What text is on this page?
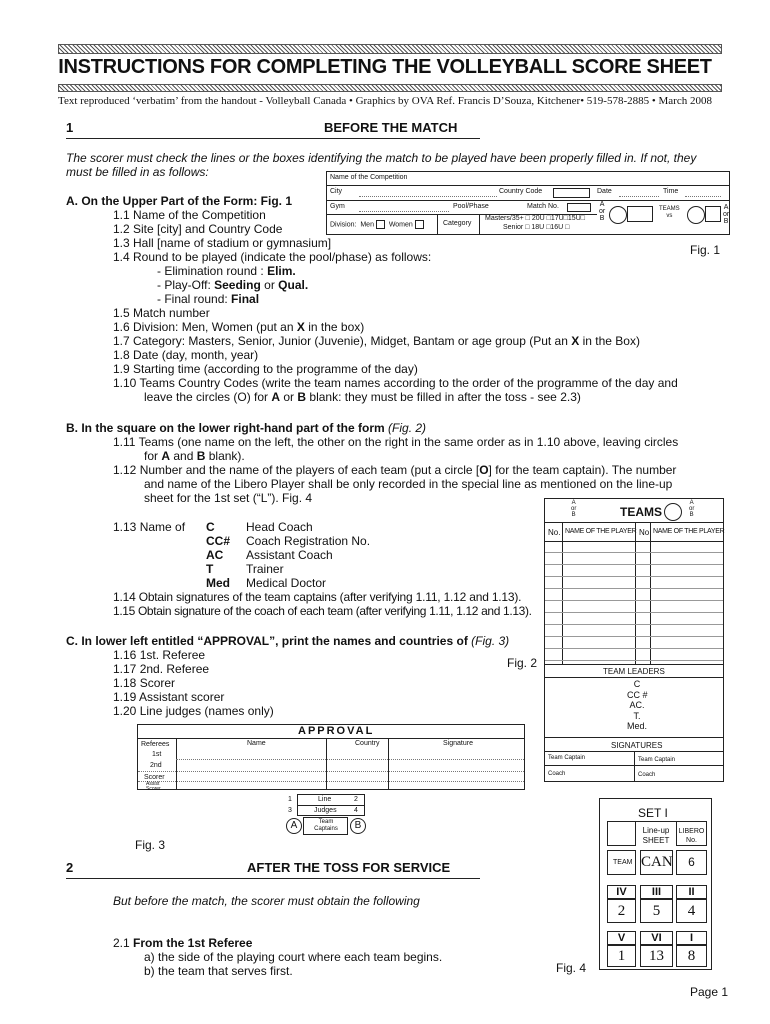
INSTRUCTIONS FOR COMPLETING THE VOLLEYBALL SCORE SHEET
Text reproduced ‘verbatim’ from the handout - Volleyball Canada • Graphics by OVA Ref. Francis D’Souza, Kitchener• 519-578-2885 • March 2008
1	BEFORE THE MATCH
The scorer must check the lines or the boxes identifying the match to be played have been properly filled in. If not, they
must be filled in as follows:
A. On the Upper Part of the Form: Fig. 1
1.1 Name of the Competition
1.2 Site [city] and Country Code
1.3 Hall [name of stadium or gymnasium]
1.4 Round to be played (indicate the pool/phase) as follows:
- Elimination round : Elim.
- Play-Off: Seeding or Qual.
- Final round: Final
1.5 Match number
1.6 Division: Men, Women (put an X in the box)
1.7 Category: Masters, Senior, Junior (Juvenie), Midget, Bantam or age group (Put an X in the Box)
1.8 Date (day, month, year)
1.9 Starting time (according to the programme of the day)
1.10 Teams Country Codes (write the team names according to the order of the programme of the day and
leave the circles (O) for A or B blank: they must be filled in after the toss - see 2.3)
Name of the Competition
City	Country Code	Date	Time
Gym	Pool/Phase	Match No.	A
or
B
TEAMS
vs
A
or
B
Division: Men Women	Category
Masters/35+ □ 20U □17U□15U□
Senior □ 18U □16U □
Fig. 1
B. In the square on the lower right-hand part of the form (Fig. 2)
1.11 Teams (one name on the left, the other on the right in the same order as in 1.10 above, leaving circles
for A and B blank).
1.12 Number and the name of the players of each team (put a circle [O] for the team captain). The number
and name of the Libero Player shall be only recorded in the special line as mentioned on the line-up
sheet for the 1st set (“L”). Fig. 4
1.13 Name of C	Head Coach
CC# Coach Registration No.
AC Assistant Coach
T	Trainer
Med Medical Doctor
1.14 Obtain signatures of the team captains (after verifying 1.11, 1.12 and 1.13).
1.15 Obtain signature of the coach of each team (after verifying 1.11, 1.12 and 1.13).
A
or
B	TEAMS
A
or
B
No. NAME OF THE PLAYER No. NAME OF THE PLAYER
TEAM LEADERS
C
CC #
AC.
T.
Med.
SIGNATURES
Team Captain	Team Captain
Coach	Coach
C. In lower left entitled “APPROVAL”, print the names and countries of (Fig. 3)
1.16 1st. Referee
1.17 2nd. Referee
1.18 Scorer
1.19 Assistant scorer
1.20 Line judges (names only)
Fig. 2
APPROVAL
Referees	Name	Country	Signature
1st
2nd
Scorer
Assist Scorer
1
3
Line
Judges
2
4
A	Team Captains	B
Fig. 3
2	AFTER THE TOSS FOR SERVICE
But before the match, the scorer must obtain the following
2.1 From the 1st Referee
a) the side of the playing court where each team begins.
b) the team that serves first.
SET I
Line-up SHEET
LIBERO No.
TEAM CAN	6
IV	III	II
2	5	4
V	VI	I
1	13	8
Fig. 4
Page 1
